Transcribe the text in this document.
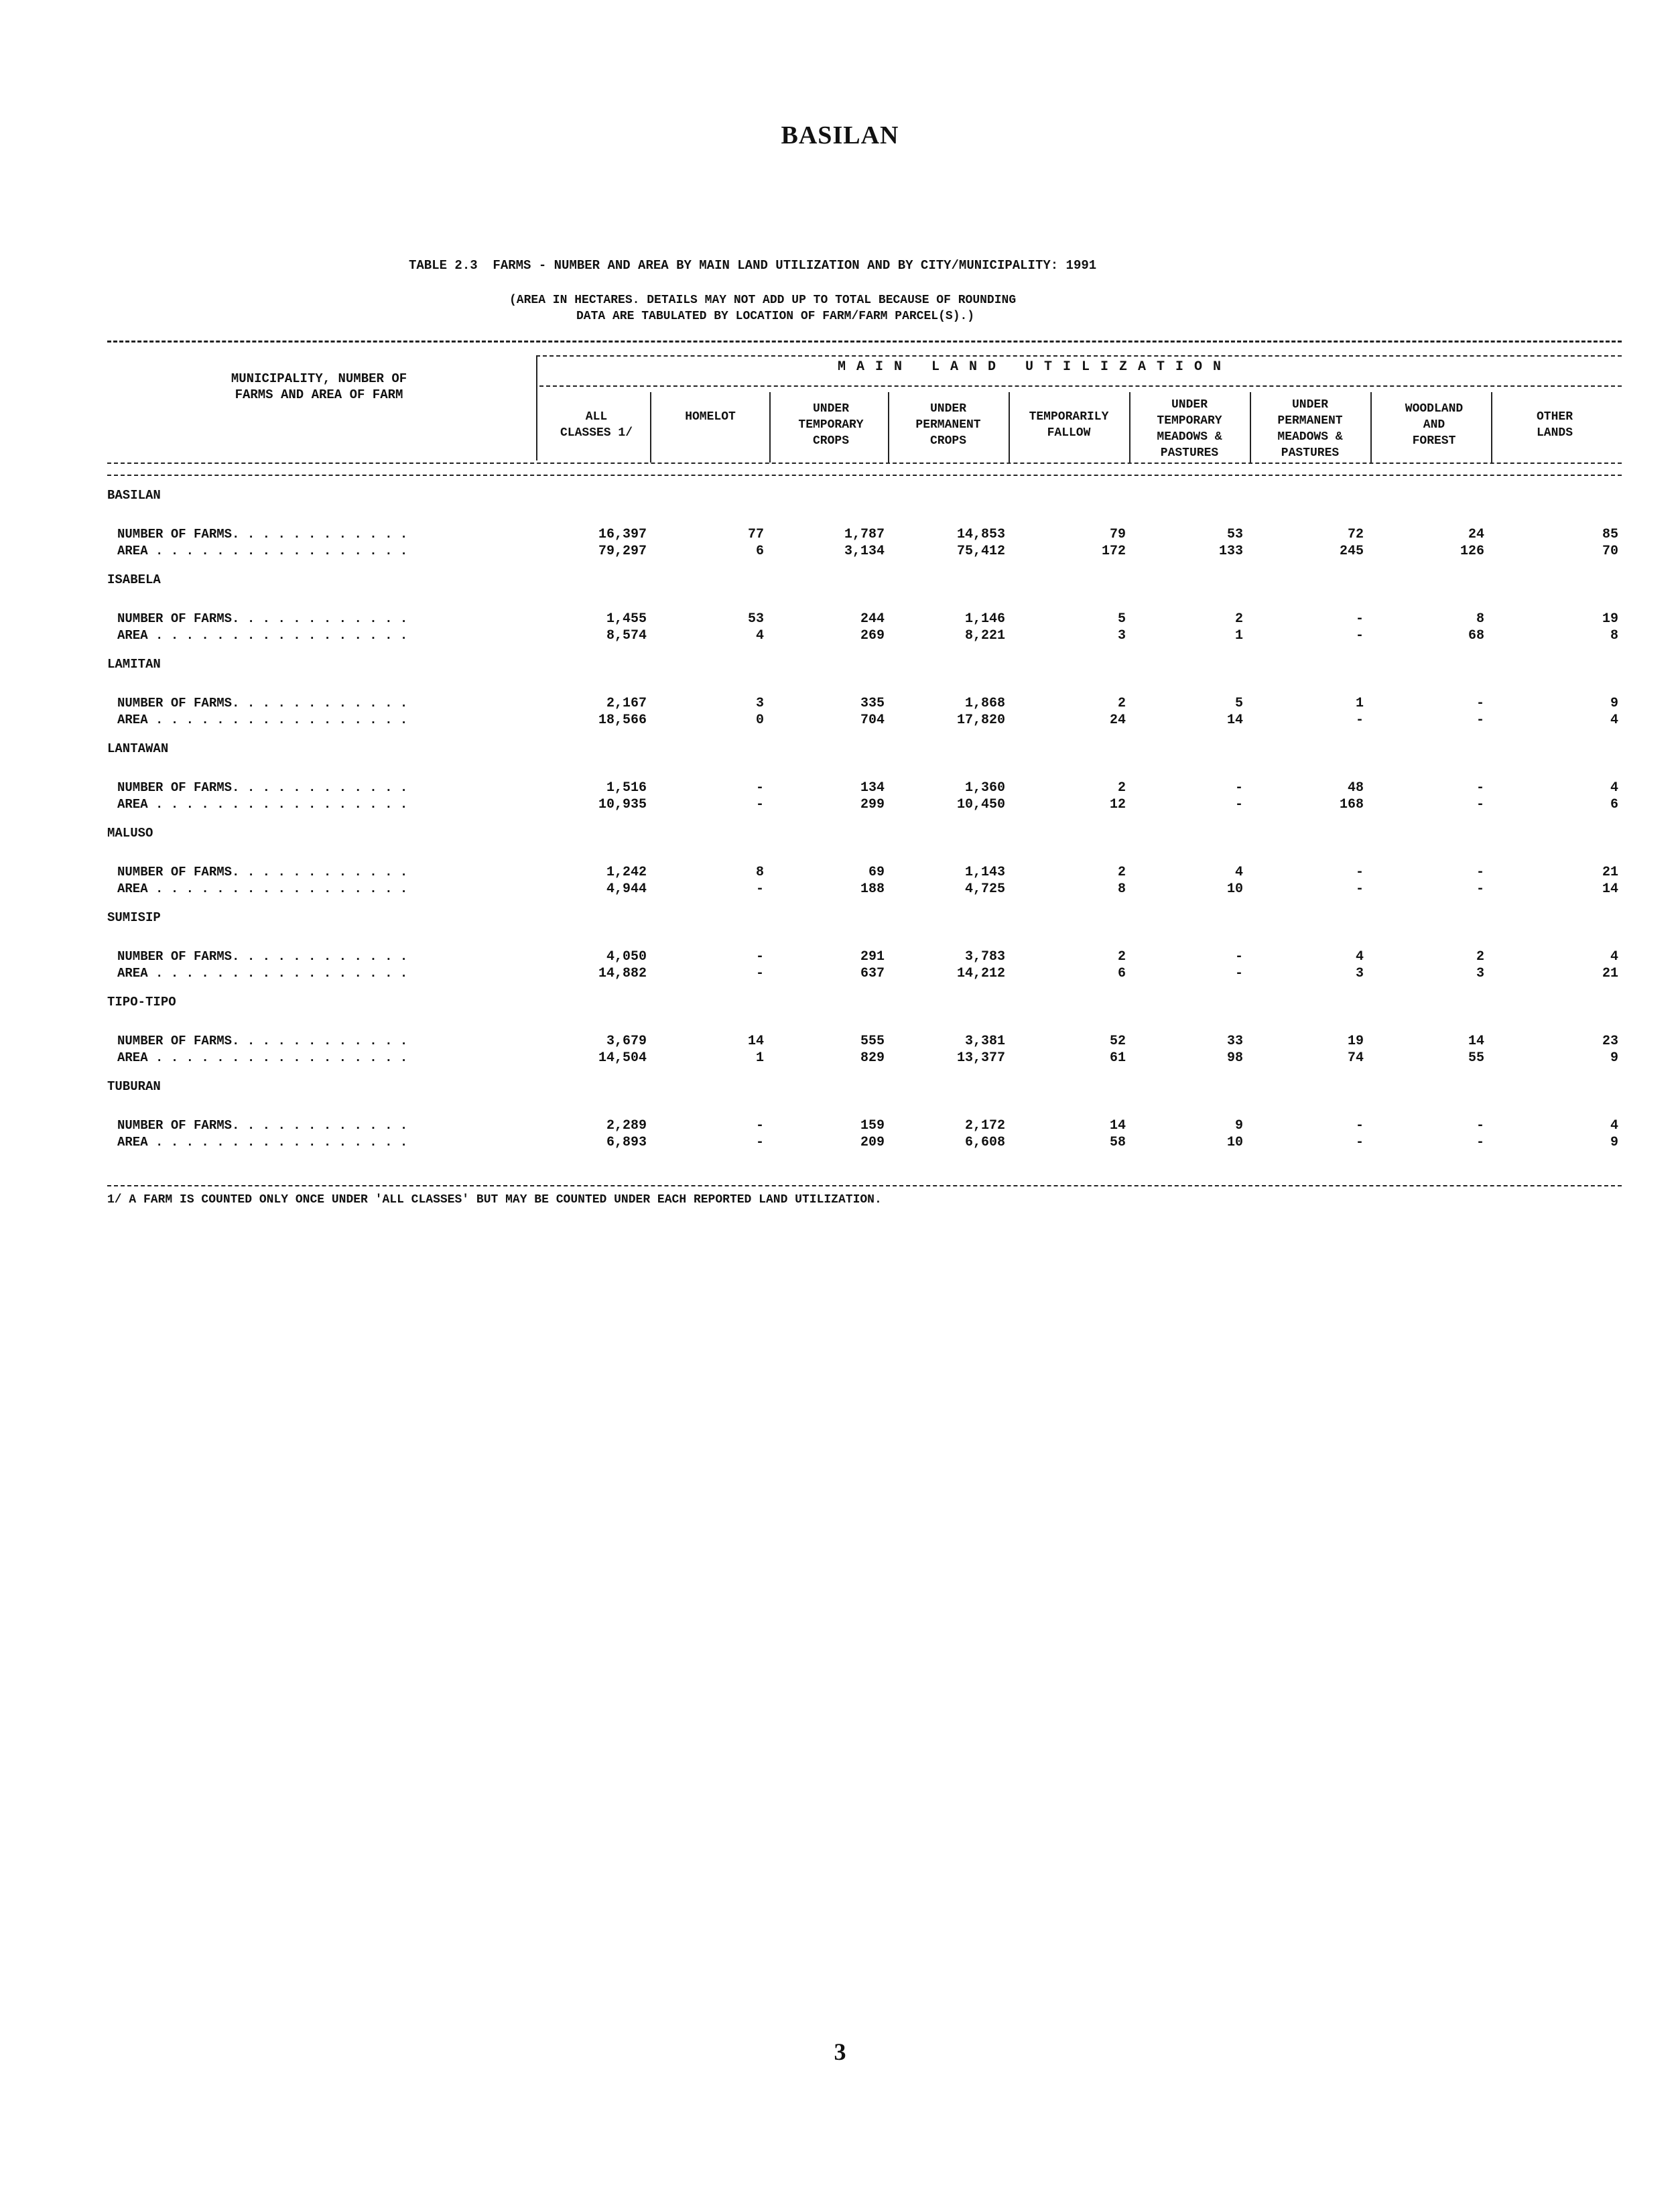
BASILAN
TABLE 2.3  FARMS - NUMBER AND AREA BY MAIN LAND UTILIZATION AND BY CITY/MUNICIPALITY: 1991
(AREA IN HECTARES. DETAILS MAY NOT ADD UP TO TOTAL BECAUSE OF ROUNDING
DATA ARE TABULATED BY LOCATION OF FARM/FARM PARCEL(S).)
MUNICIPALITY, NUMBER OF
FARMS AND AREA OF FARM
MAIN LAND UTILIZATION
ALL
CLASSES 1/
HOMELOT
UNDER
TEMPORARY
CROPS
UNDER
PERMANENT
CROPS
TEMPORARILY
FALLOW
UNDER
TEMPORARY
MEADOWS &
PASTURES
UNDER
PERMANENT
MEADOWS &
PASTURES
WOODLAND
AND
FOREST
OTHER
LANDS
BASILAN
NUMBER OF FARMS. . . . . . . . . . . .	16,397	77	1,787	14,853	79	53	72	24	85
AREA . . . . . . . . . . . . . . . . .	79,297	6	3,134	75,412	172	133	245	126	70
ISABELA
NUMBER OF FARMS. . . . . . . . . . . .	1,455	53	244	1,146	5	2	-	8	19
AREA . . . . . . . . . . . . . . . . .	8,574	4	269	8,221	3	1	-	68	8
LAMITAN
NUMBER OF FARMS. . . . . . . . . . . .	2,167	3	335	1,868	2	5	1	-	9
AREA . . . . . . . . . . . . . . . . .	18,566	0	704	17,820	24	14	-	-	4
LANTAWAN
NUMBER OF FARMS. . . . . . . . . . . .	1,516	-	134	1,360	2	-	48	-	4
AREA . . . . . . . . . . . . . . . . .	10,935	-	299	10,450	12	-	168	-	6
MALUSO
NUMBER OF FARMS. . . . . . . . . . . .	1,242	8	69	1,143	2	4	-	-	21
AREA . . . . . . . . . . . . . . . . .	4,944	-	188	4,725	8	10	-	-	14
SUMISIP
NUMBER OF FARMS. . . . . . . . . . . .	4,050	-	291	3,783	2	-	4	2	4
AREA . . . . . . . . . . . . . . . . .	14,882	-	637	14,212	6	-	3	3	21
TIPO-TIPO
NUMBER OF FARMS. . . . . . . . . . . .	3,679	14	555	3,381	52	33	19	14	23
AREA . . . . . . . . . . . . . . . . .	14,504	1	829	13,377	61	98	74	55	9
TUBURAN
NUMBER OF FARMS. . . . . . . . . . . .	2,289	-	159	2,172	14	9	-	-	4
AREA . . . . . . . . . . . . . . . . .	6,893	-	209	6,608	58	10	-	-	9
1/ A FARM IS COUNTED ONLY ONCE UNDER 'ALL CLASSES' BUT MAY BE COUNTED UNDER EACH REPORTED LAND UTILIZATION.
3
